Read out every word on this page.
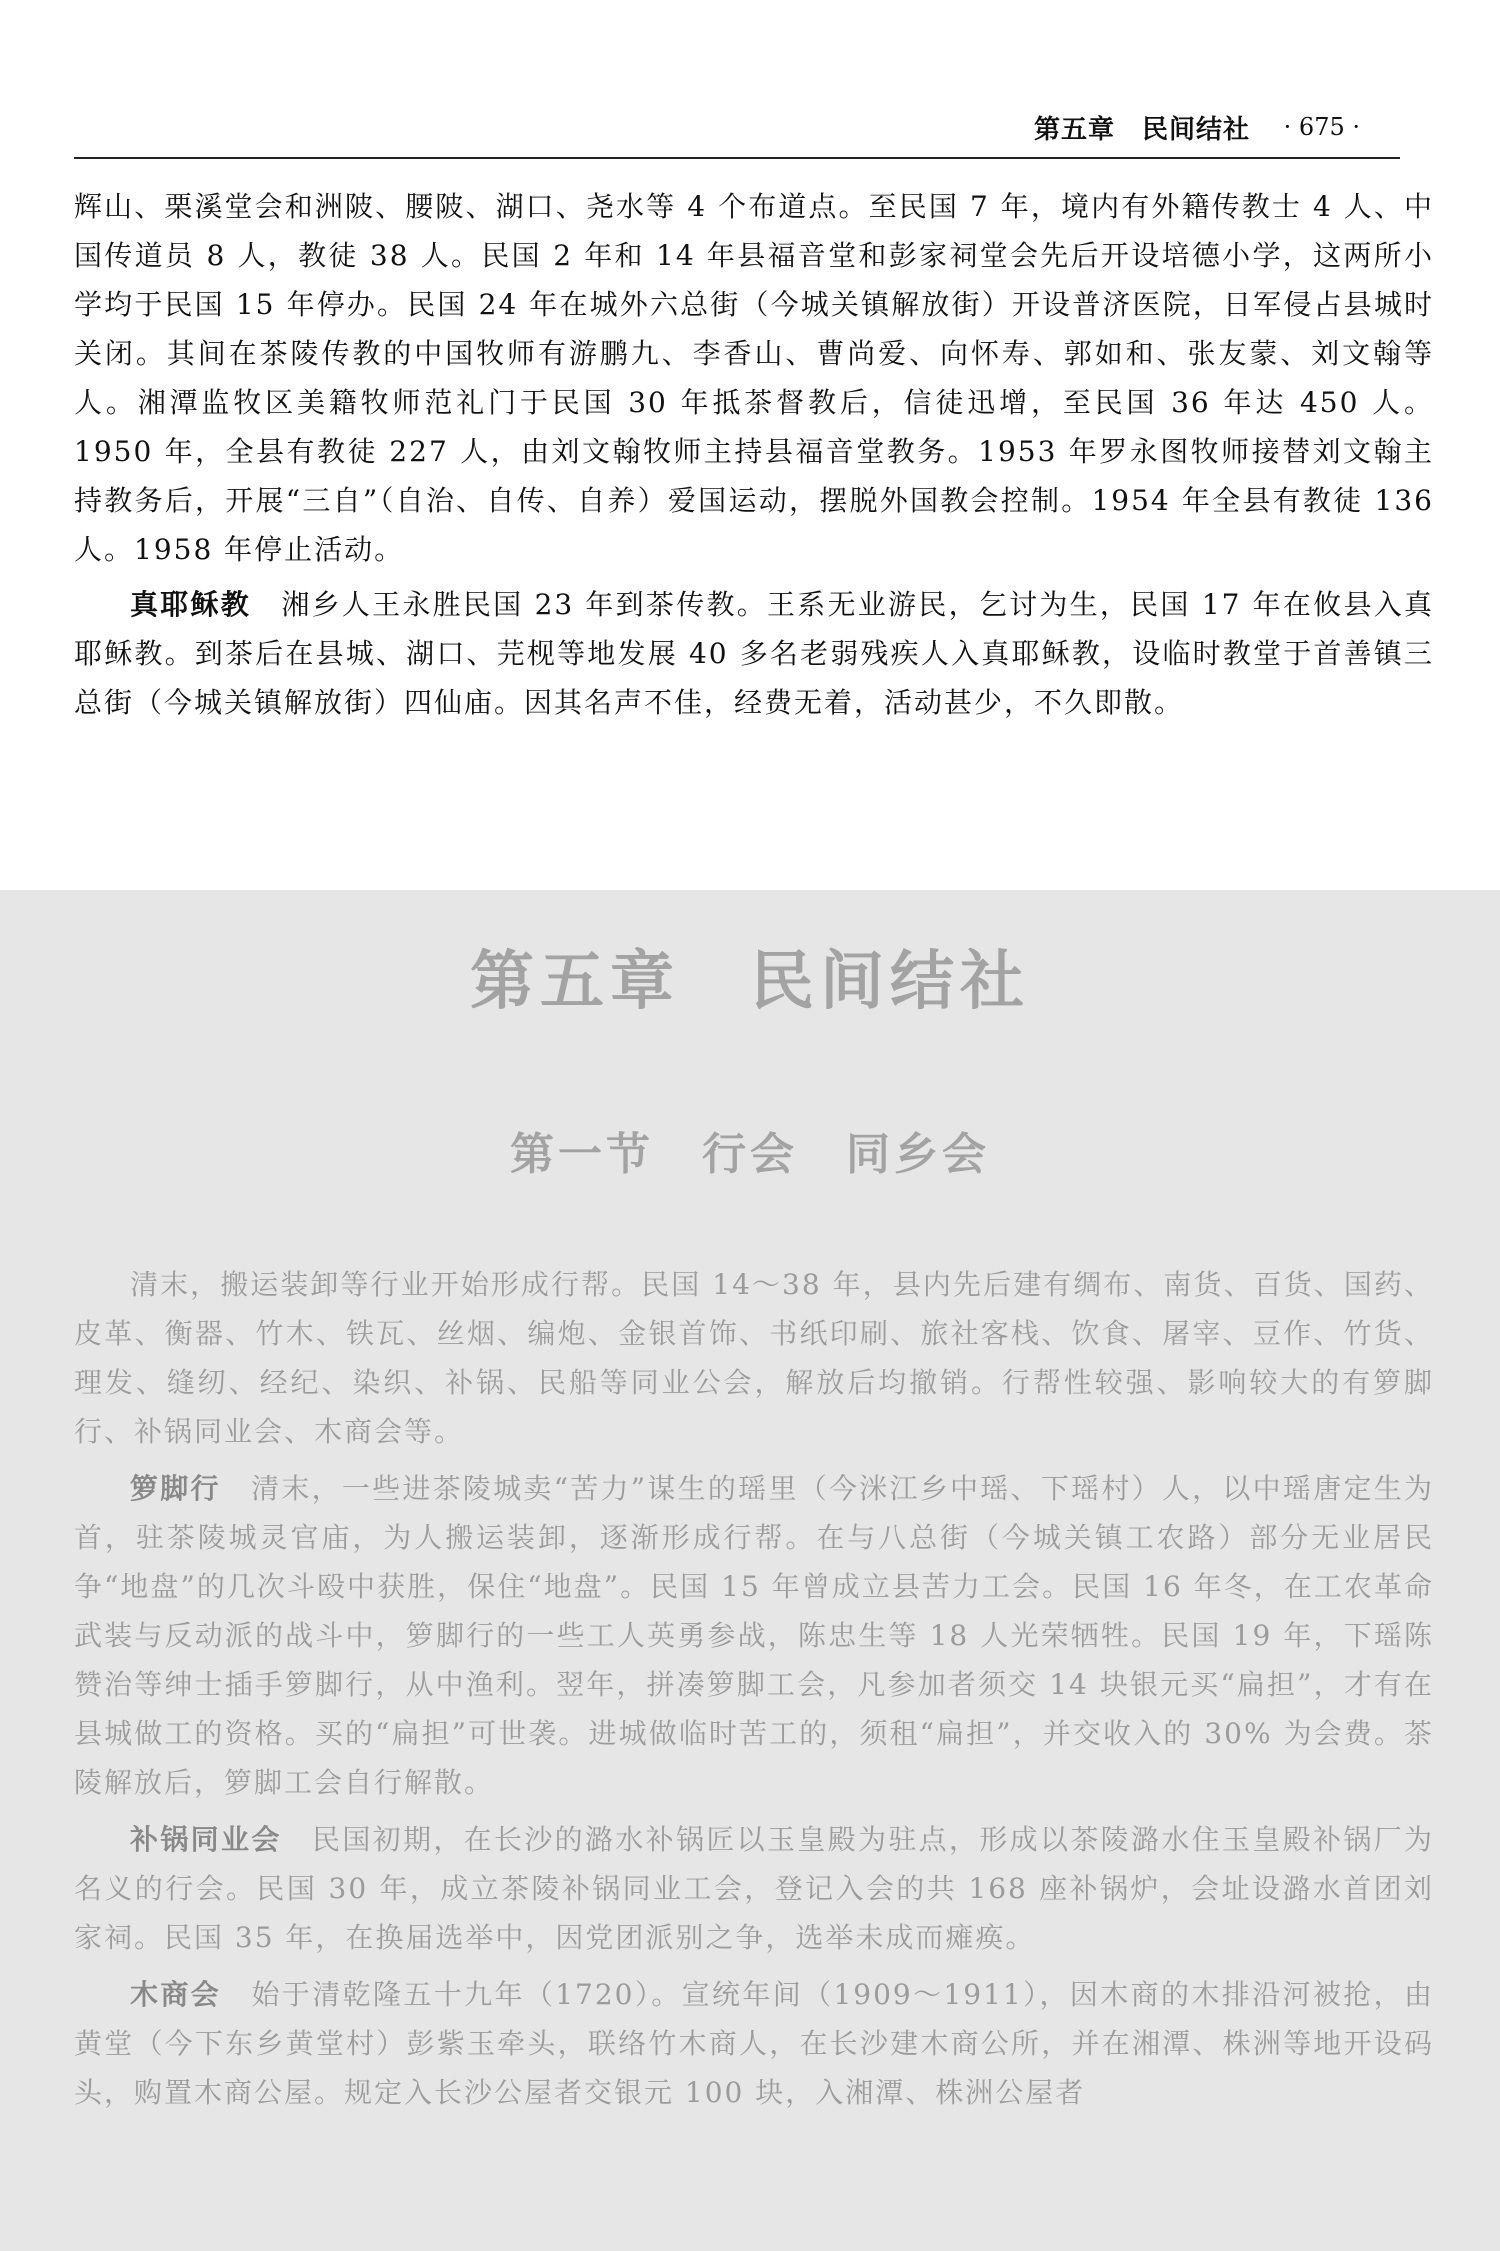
第五章　民间结社 · 675 ·

辉山、栗溪堂会和洲陂、腰陂、湖口、尧水等 4 个布道点。至民国 7 年，境内有外籍传教士 4 人、中国传道员 8 人，教徒 38 人。民国 2 年和 14 年县福音堂和彭家祠堂会先后开设培德小学，这两所小学均于民国 15 年停办。民国 24 年在城外六总街（今城关镇解放街）开设普济医院，日军侵占县城时关闭。其间在茶陵传教的中国牧师有游鹏九、李香山、曹尚爱、向怀寿、郭如和、张友蒙、刘文翰等人。湘潭监牧区美籍牧师范礼门于民国 30 年抵茶督教后，信徒迅增，至民国 36 年达 450 人。1950 年，全县有教徒 227 人，由刘文翰牧师主持县福音堂教务。1953 年罗永图牧师接替刘文翰主持教务后，开展“三自”（自治、自传、自养）爱国运动，摆脱外国教会控制。1954 年全县有教徒 136 人。1958 年停止活动。

真耶稣教　湘乡人王永胜民国 23 年到茶传教。王系无业游民，乞讨为生，民国 17 年在攸县入真耶稣教。到茶后在县城、湖口、芫枧等地发展 40 多名老弱残疾人入真耶稣教，设临时教堂于首善镇三总街（今城关镇解放街）四仙庙。因其名声不佳，经费无着，活动甚少，不久即散。

第五章　民间结社
第一节　行会　同乡会

清末，搬运装卸等行业开始形成行帮。民国 14～38 年，县内先后建有绸布、南货、百货、国药、皮革、衡器、竹木、铁瓦、丝烟、编炮、金银首饰、书纸印刷、旅社客栈、饮食、屠宰、豆作、竹货、理发、缝纫、经纪、染织、补锅、民船等同业公会，解放后均撤销。行帮性较强、影响较大的有箩脚行、补锅同业会、木商会等。

箩脚行　清末，一些进茶陵城卖“苦力”谋生的瑶里（今洣江乡中瑶、下瑶村）人，以中瑶唐定生为首，驻茶陵城灵官庙，为人搬运装卸，逐渐形成行帮。在与八总街（今城关镇工农路）部分无业居民争“地盘”的几次斗殴中获胜，保住“地盘”。民国 15 年曾成立县苦力工会。民国 16 年冬，在工农革命武装与反动派的战斗中，箩脚行的一些工人英勇参战，陈忠生等 18 人光荣牺牲。民国 19 年，下瑶陈赞治等绅士插手箩脚行，从中渔利。翌年，拼凑箩脚工会，凡参加者须交 14 块银元买“扁担”，才有在县城做工的资格。买的“扁担”可世袭。进城做临时苦工的，须租“扁担”，并交收入的 30% 为会费。茶陵解放后，箩脚工会自行解散。

补锅同业会　民国初期，在长沙的潞水补锅匠以玉皇殿为驻点，形成以茶陵潞水住玉皇殿补锅厂为名义的行会。民国 30 年，成立茶陵补锅同业工会，登记入会的共 168 座补锅炉，会址设潞水首团刘家祠。民国 35 年，在换届选举中，因党团派别之争，选举未成而瘫痪。

木商会　始于清乾隆五十九年（1720）。宣统年间（1909～1911），因木商的木排沿河被抢，由黄堂（今下东乡黄堂村）彭紫玉牵头，联络竹木商人，在长沙建木商公所，并在湘潭、株洲等地开设码头，购置木商公屋。规定入长沙公屋者交银元 100 块，入湘潭、株洲公屋者
